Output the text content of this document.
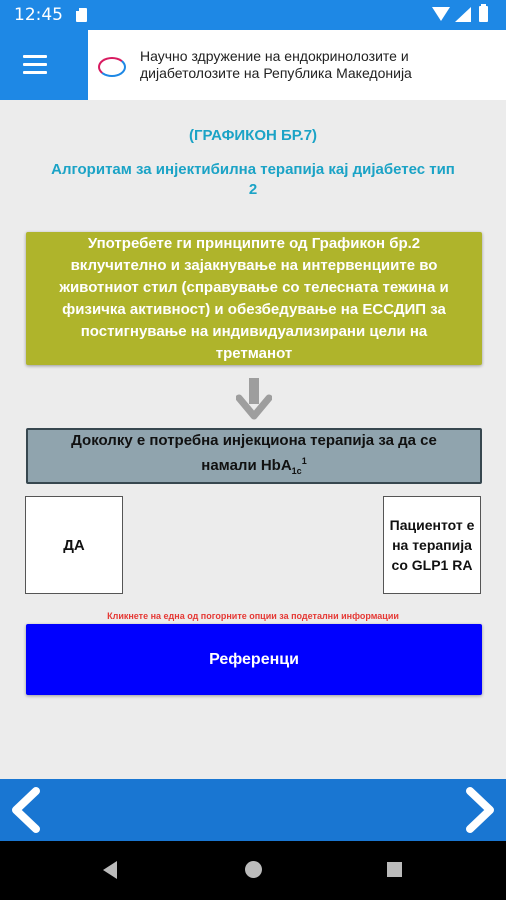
12:45
Научно здружение на ендокринолозите и
дијабетолозите на Република Македонија
(ГРАФИКОН БР.7)
Алгоритам за инјектибилна терапија кај дијабетес тип
2
Употребете ги принципите од Графикон бр.2 вклучително и зајакнување на интервенциите во животниот стил (справување со телесната тежина и физичка активност) и обезбедување на ЕССДИП за постигнување на индивидуализирани цели на третманот
Доколку е потребна инјекциона терапија за да се намали HbA$_{1c}^1$
ДА
Пациентот е на терапија со GLP1 RA
Кликнете на една од погорните опции за подетални информации
Референци
